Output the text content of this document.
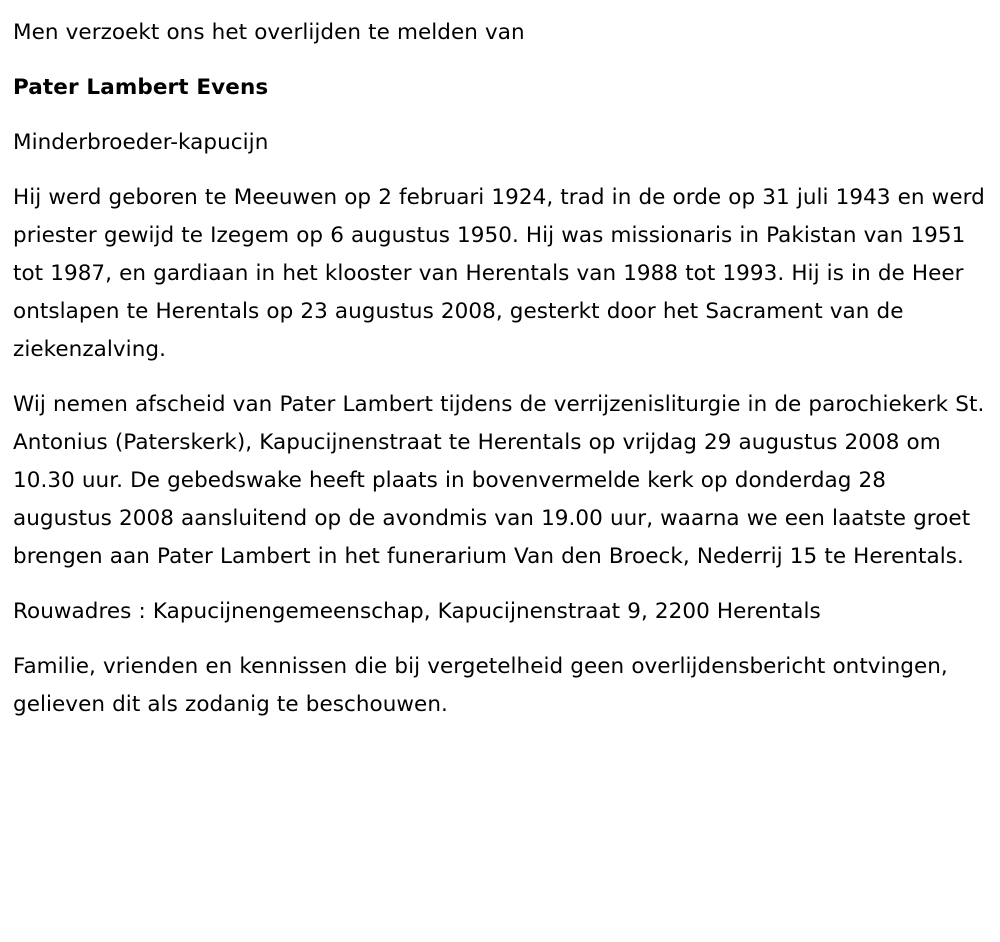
Men verzoekt ons het overlijden te melden van

Pater Lambert Evens

Minderbroeder-kapucijn

Hij werd geboren te Meeuwen op 2 februari 1924, trad in de orde op 31 juli 1943 en werd priester gewijd te Izegem op 6 augustus 1950. Hij was missionaris in Pakistan van 1951 tot 1987, en gardiaan in het klooster van Herentals van 1988 tot 1993. Hij is in de Heer ontslapen te Herentals op 23 augustus 2008, gesterkt door het Sacrament van de ziekenzalving.

Wij nemen afscheid van Pater Lambert tijdens de verrijzenisliturgie in de parochiekerk St. Antonius (Paterskerk), Kapucijnenstraat te Herentals op vrijdag 29 augustus 2008 om 10.30 uur. De gebedswake heeft plaats in bovenvermelde kerk op donderdag 28 augustus 2008 aansluitend op de avondmis van 19.00 uur, waarna we een laatste groet brengen aan Pater Lambert in het funerarium Van den Broeck, Nederrij 15 te Herentals.

Rouwadres : Kapucijnengemeenschap, Kapucijnenstraat 9, 2200 Herentals

Familie, vrienden en kennissen die bij vergetelheid geen overlijdensbericht ontvingen, gelieven dit als zodanig te beschouwen.
